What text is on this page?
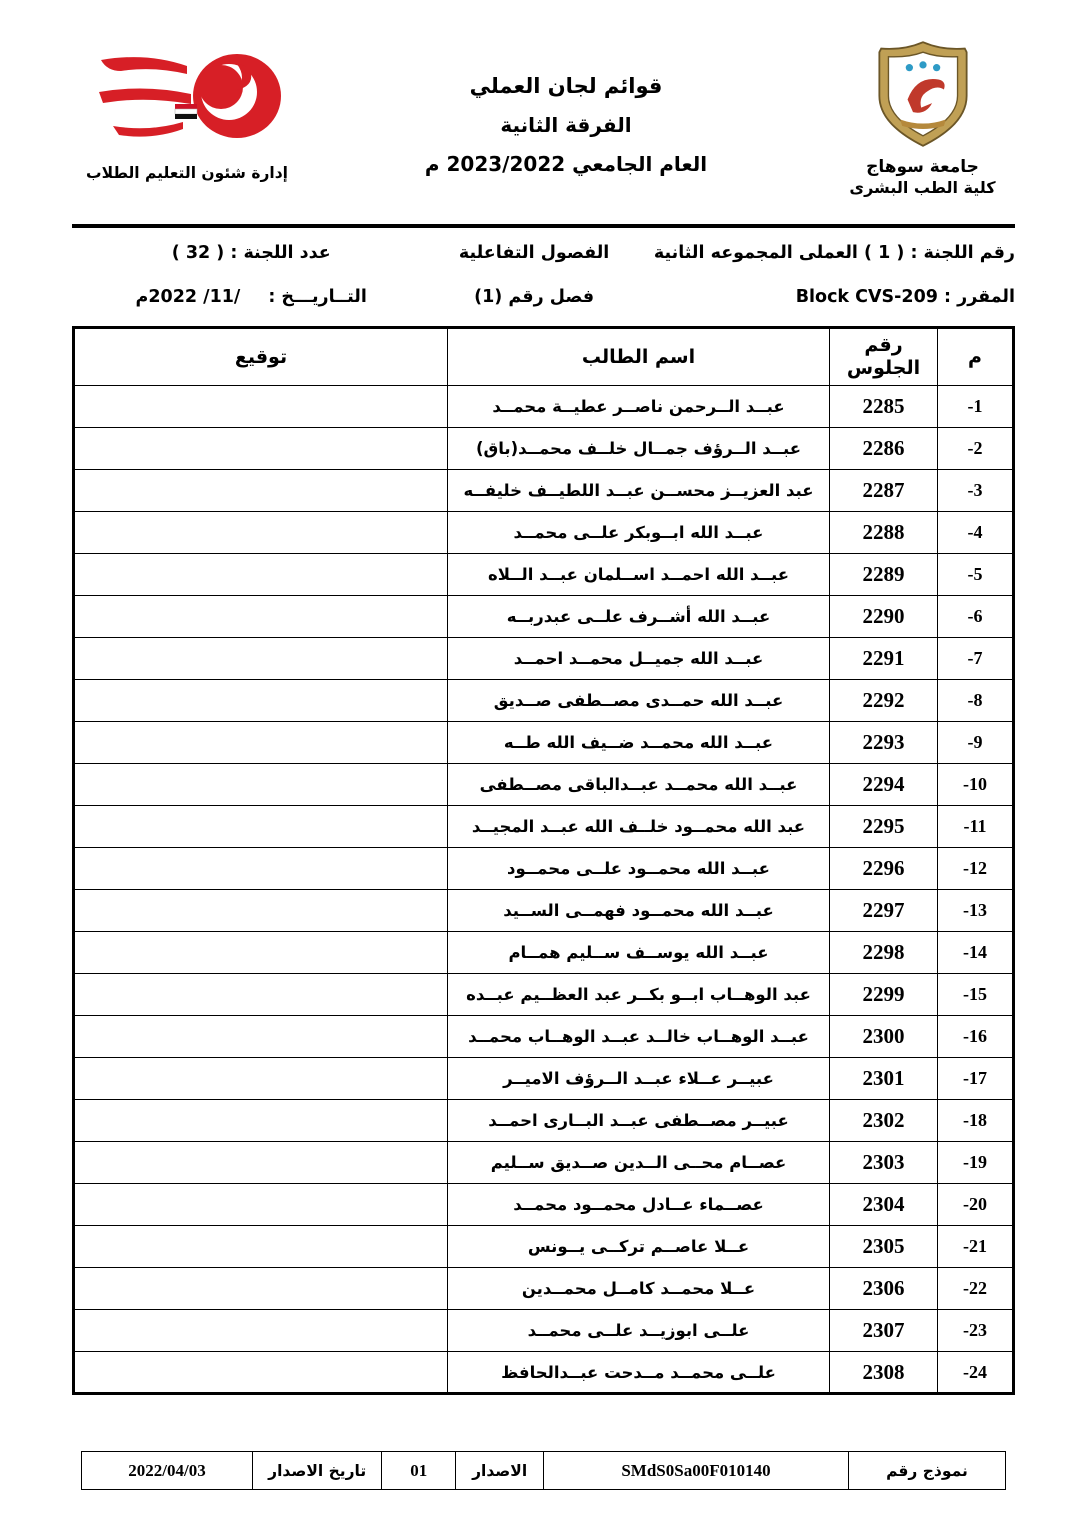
جامعة سوهاج
كلية الطب البشرى
قوائم لجان العملي
الفرقة الثانية
العام الجامعي 2023/2022 م
إدارة شئون التعليم الطلاب
رقم اللجنة : ( 1 ) العملى المجموعه الثانية
الفصول التفاعلية
عدد اللجنة : ( 32 )
المقرر : Block CVS-209
فصل رقم (1)
التــاريـــخ :
/11/ 2022م
م	رقم الجلوس	اسم الطالب	توقيع
-1	2285	عبــد الــرحمن ناصــر عطيــة محمــد	
-2	2286	عبــد الــرؤف جمــال خلــف محمــد(باق)	
-3	2287	عبد العزيــز محســن عبــد اللطيــف خليفــه	
-4	2288	عبــد الله ابــوبكر علــى محمــد	
-5	2289	عبــد الله احمــد اســلمان عبــد الــلاه	
-6	2290	عبــد الله أشــرف علــى عبدربــه	
-7	2291	عبــد الله جميــل محمــد احمــد	
-8	2292	عبــد الله حمــدى مصــطفى صــديق	
-9	2293	عبــد الله محمــد ضــيف الله طــه	
-10	2294	عبــد الله محمــد عبــدالباقى مصــطفى	
-11	2295	عبد الله محمــود خلــف الله عبــد المجيــد	
-12	2296	عبــد الله محمــود علــى محمــود	
-13	2297	عبــد الله محمــود فهمــى الســيد	
-14	2298	عبــد الله يوســف ســليم همــام	
-15	2299	عبد الوهــاب ابــو بكــر عبد العظــيم عبــده	
-16	2300	عبــد الوهــاب خالــد عبــد الوهــاب محمــد	
-17	2301	عبيــر عــلاء عبــد الــرؤف الاميــر	
-18	2302	عبيــر مصــطفى عبــد البــارى احمــد	
-19	2303	عصــام محــى الــدين صــديق ســليم	
-20	2304	عصــماء عــادل محمــود محمــد	
-21	2305	عــلا عاصــم تركــى يــونس	
-22	2306	عــلا محمــد كامــل محمــدين	
-23	2307	علــى ابوزيــد علــى محمــد	
-24	2308	علــى محمــد مــدحت عبــدالحافظ	
نموذج رقم	SMdS0Sa00F010140	الاصدار	01	تاريخ الاصدار	2022/04/03
